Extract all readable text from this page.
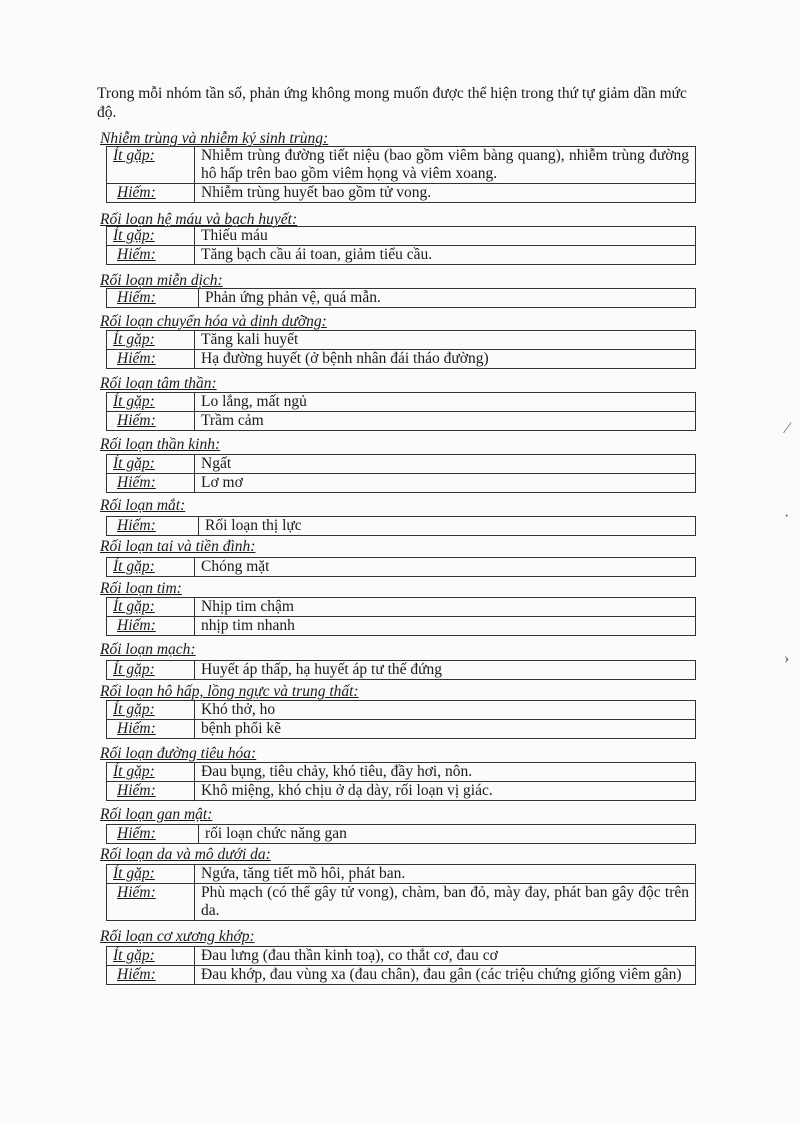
Trong mỗi nhóm tần số, phản ứng không mong muốn được thể hiện trong thứ tự giảm dần mức độ.

Nhiễm trùng và nhiễm ký sinh trùng:
Ít gặp:	Nhiễm trùng đường tiết niệu (bao gồm viêm bàng quang), nhiễm trùng đường hô hấp trên bao gồm viêm họng và viêm xoang.
Hiếm:	Nhiễm trùng huyết bao gồm tử vong.
Rối loạn hệ máu và bạch huyết:
Ít gặp:	Thiếu máu
Hiếm:	Tăng bạch cầu ái toan, giảm tiểu cầu.
Rối loạn miễn dịch:
Hiếm:	Phản ứng phản vệ, quá mẫn.
Rối loạn chuyển hóa và dinh dưỡng:
Ít gặp:	Tăng kali huyết
Hiếm:	Hạ đường huyết (ở bệnh nhân đái tháo đường)
Rối loạn tâm thần:
Ít gặp:	Lo lắng, mất ngủ
Hiếm:	Trầm cảm
Rối loạn thần kinh:
Ít gặp:	Ngất
Hiếm:	Lơ mơ
Rối loạn mắt:
Hiếm:	Rối loạn thị lực
Rối loạn tai và tiền đình:
Ít gặp:	Chóng mặt
Rối loạn tim:
Ít gặp:	Nhịp tim chậm
Hiếm:	nhịp tim nhanh
Rối loạn mạch:
Ít gặp:	Huyết áp thấp, hạ huyết áp tư thế đứng
Rối loạn hô hấp, lồng ngực và trung thất:
Ít gặp:	Khó thở, ho
Hiếm:	bệnh phổi kẽ
Rối loạn đường tiêu hóa:
Ít gặp:	Đau bụng, tiêu chảy, khó tiêu, đầy hơi, nôn.
Hiếm:	Khô miệng, khó chịu ở dạ dày, rối loạn vị giác.
Rối loạn gan mật:
Hiếm:	rối loạn chức năng gan
Rối loạn da và mô dưới da:
Ít gặp:	Ngứa, tăng tiết mồ hôi, phát ban.
Hiếm:	Phù mạch (có thể gây tử vong), chàm, ban đỏ, mày đay, phát ban gây độc trên da.
Rối loạn cơ xương khớp:
Ít gặp:	Đau lưng (đau thần kinh toạ), co thắt cơ, đau cơ
Hiếm:	Đau khớp, đau vùng xa (đau chân), đau gân (các triệu chứng giống viêm gân)
⁄
·
›
